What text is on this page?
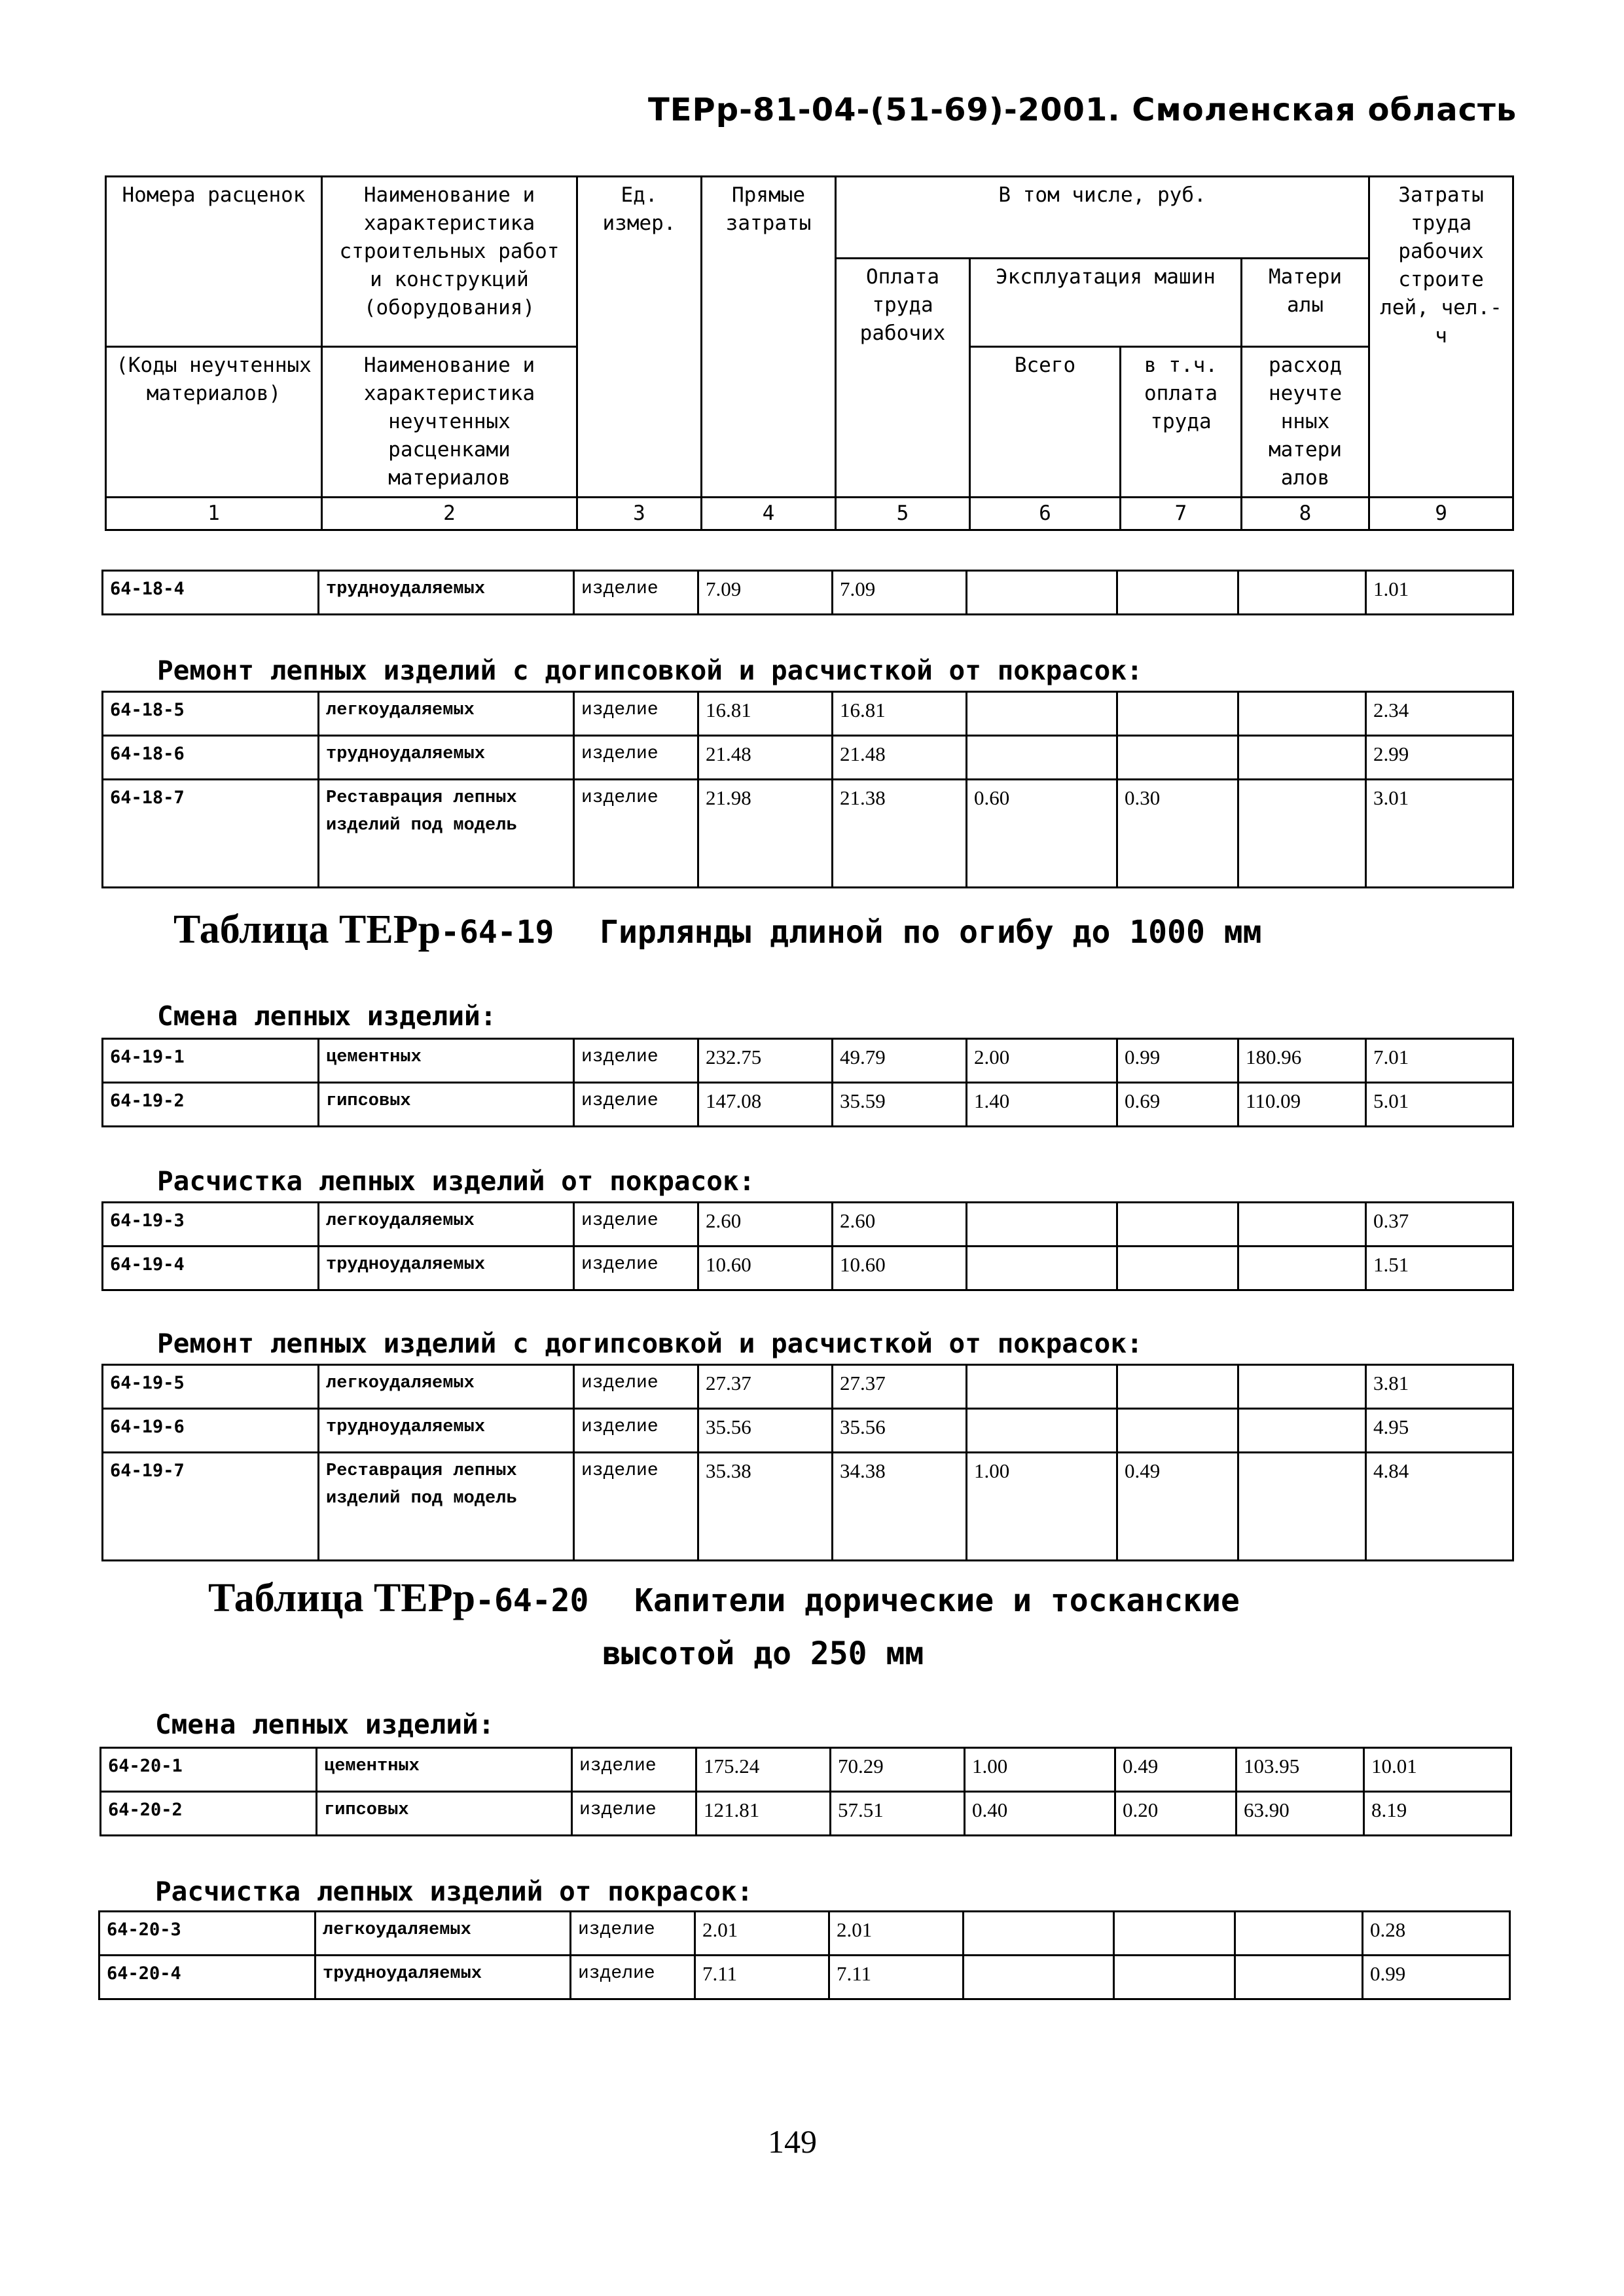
ТЕРр-81-04-(51-69)-2001. Смоленская область
Номера расценок	Наименование и характеристика строительных работ и конструкций (оборудования)	Ед. измер.	Прямые затраты	В том числе, руб.				Затраты труда рабочих строите лей, чел.-ч
				Оплата труда рабочих	Эксплуатация машин		Матери алы	
(Коды неучтенных материалов)	Наименование и характеристика неучтенных расценками материалов				Всего	в т.ч. оплата труда	расход неучте нных матери алов	
1	2	3	4	5	6	7	8	9
64-18-4	трудноудаляемых	изделие	7.09	7.09				1.01
Ремонт лепных изделий с догипсовкой и расчисткой от покрасок:
64-18-5	легкоудаляемых	изделие	16.81	16.81				2.34
64-18-6	трудноудаляемых	изделие	21.48	21.48				2.99
64-18-7	Реставрация лепных изделий под модель	изделие	21.98	21.38	0.60	0.30		3.01
Таблица ТЕРр-64-19 Гирлянды длиной по огибу до 1000 мм
Смена лепных изделий:
64-19-1	цементных	изделие	232.75	49.79	2.00	0.99	180.96	7.01
64-19-2	гипсовых	изделие	147.08	35.59	1.40	0.69	110.09	5.01
Расчистка лепных изделий от покрасок:
64-19-3	легкоудаляемых	изделие	2.60	2.60				0.37
64-19-4	трудноудаляемых	изделие	10.60	10.60				1.51
Ремонт лепных изделий с догипсовкой и расчисткой от покрасок:
64-19-5	легкоудаляемых	изделие	27.37	27.37				3.81
64-19-6	трудноудаляемых	изделие	35.56	35.56				4.95
64-19-7	Реставрация лепных изделий под модель	изделие	35.38	34.38	1.00	0.49		4.84
Таблица ТЕРр-64-20 Капители дорические и тосканские
высотой до 250 мм
Смена лепных изделий:
64-20-1	цементных	изделие	175.24	70.29	1.00	0.49	103.95	10.01
64-20-2	гипсовых	изделие	121.81	57.51	0.40	0.20	63.90	8.19
Расчистка лепных изделий от покрасок:
64-20-3	легкоудаляемых	изделие	2.01	2.01				0.28
64-20-4	трудноудаляемых	изделие	7.11	7.11				0.99
149
